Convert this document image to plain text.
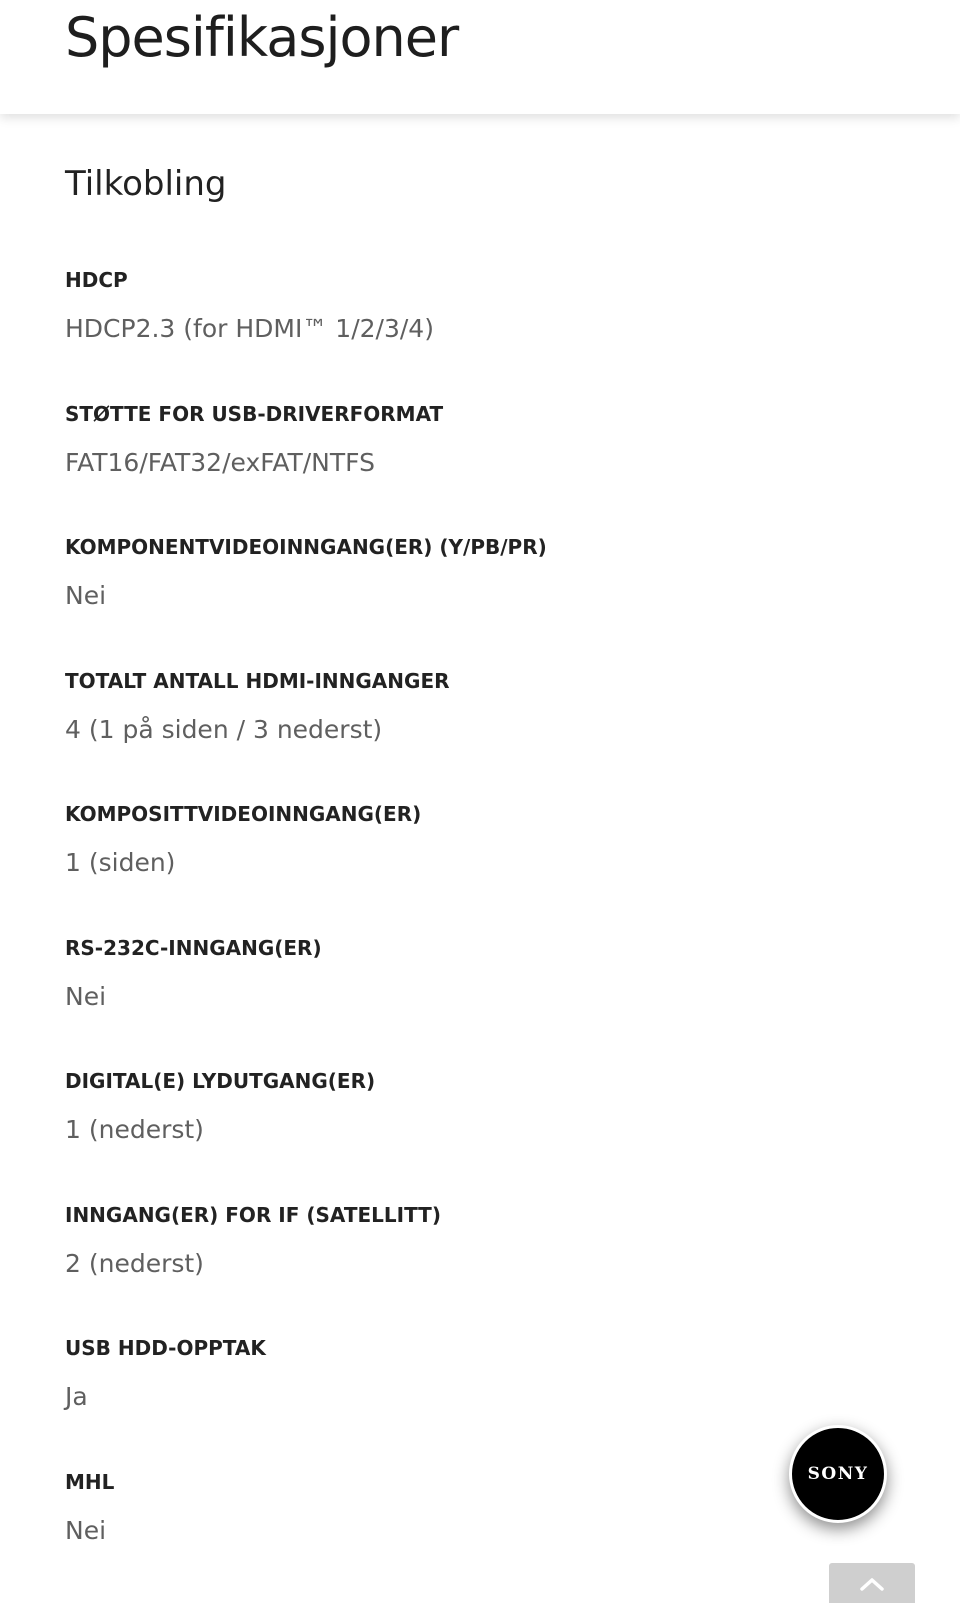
Spesifikasjoner
Tilkobling
HDCP
HDCP2.3 (for HDMI™ 1/2/3/4)
STØTTE FOR USB-DRIVERFORMAT
FAT16/FAT32/exFAT/NTFS
KOMPONENTVIDEOINNGANG(ER) (Y/PB/PR)
Nei
TOTALT ANTALL HDMI-INNGANGER
4 (1 på siden / 3 nederst)
KOMPOSITTVIDEOINNGANG(ER)
1 (siden)
RS-232C-INNGANG(ER)
Nei
DIGITAL(E) LYDUTGANG(ER)
1 (nederst)
INNGANG(ER) FOR IF (SATELLITT)
2 (nederst)
USB HDD-OPPTAK
Ja
MHL
Nei
SONY
